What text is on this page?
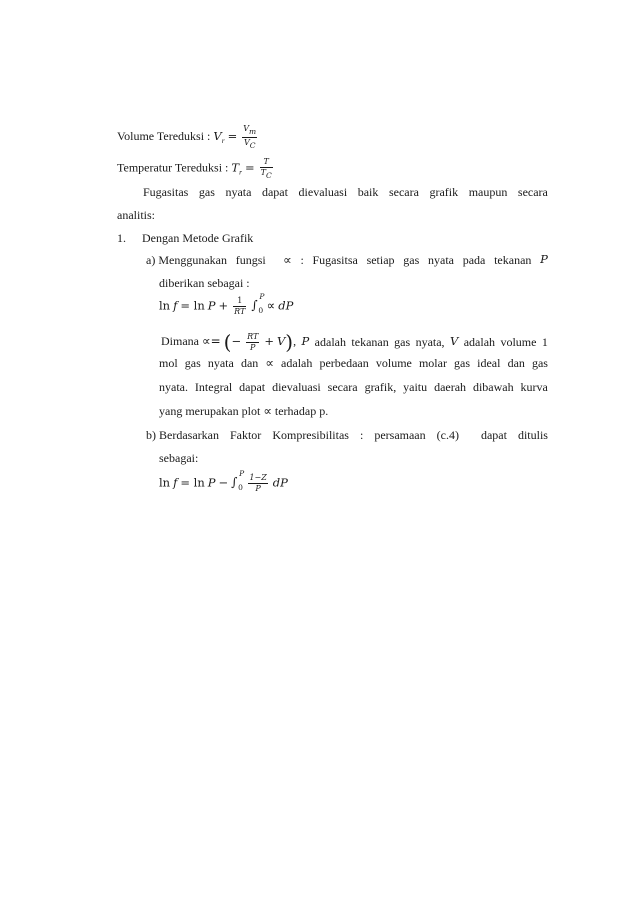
Volume Tereduksi : $V_r = \frac{Vm}{VC}$
Temperatur Tereduksi : $T_r = \frac{T}{TC}$
Fugasitas gas nyata dapat dievaluasi baik secara grafik maupun secara
analitis:
1. Dengan Metode Grafik
a) Menggunakan fungsi ∝ : Fugasitsa setiap gas nyata pada tekanan P
diberikan sebagai :
$\ln f = \ln P + \frac{1}{RT}$ ∫
P
0 ∝ dP
Dimana ∝= (− $\frac{RT}{P} + V$), P adalah tekanan gas nyata, V adalah volume 1
mol gas nyata dan ∝ adalah perbedaan volume molar gas ideal dan gas
nyata. Integral dapat dievaluasi secara grafik, yaitu daerah dibawah kurva
yang merupakan plot ∝ terhadap p.
b) Berdasarkan Faktor Kompresibilitas : persamaan (c.4) dapat ditulis
sebagai:
ln f = ln P − ∫
P
0
$\frac{1-Z}{P}$ dP
